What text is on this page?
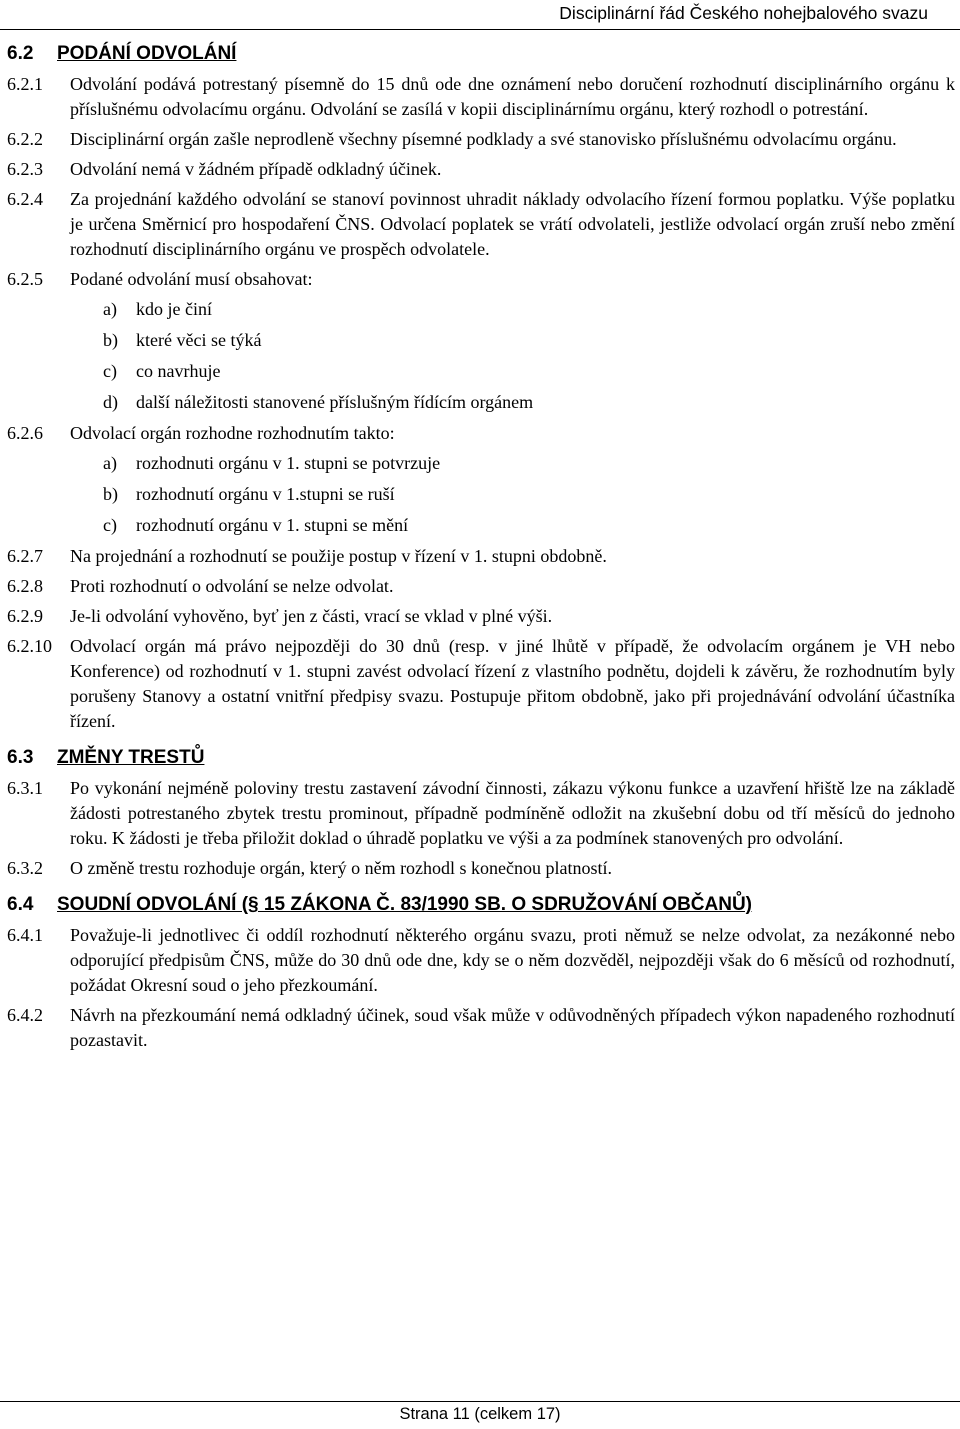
Disciplinární řád Českého nohejbalového svazu
6.2	PODÁNÍ ODVOLÁNÍ
6.2.1	Odvolání podává potrestaný písemně do 15 dnů ode dne oznámení nebo doručení rozhodnutí disciplinárního orgánu k příslušnému odvolacímu orgánu. Odvolání se zasílá v kopii disciplinárnímu orgánu, který rozhodl o potrestání.
6.2.2	Disciplinární orgán zašle neprodleně všechny písemné podklady a své stanovisko příslušnému odvolacímu orgánu.
6.2.3	Odvolání nemá v žádném případě odkladný účinek.
6.2.4	Za projednání každého odvolání se stanoví povinnost uhradit náklady odvolacího řízení formou poplatku. Výše poplatku je určena Směrnicí pro hospodaření ČNS. Odvolací poplatek se vrátí odvolateli, jestliže odvolací orgán zruší nebo změní rozhodnutí disciplinárního orgánu ve prospěch odvolatele.
6.2.5	Podané odvolání musí obsahovat:
a)	kdo je činí
b)	které věci se týká
c)	co navrhuje
d)	další náležitosti stanovené příslušným řídícím orgánem
6.2.6	Odvolací orgán rozhodne rozhodnutím takto:
a)	rozhodnuti orgánu v 1. stupni se potvrzuje
b)	rozhodnutí orgánu v 1.stupni se ruší
c)	rozhodnutí orgánu v 1. stupni se mění
6.2.7	Na projednání a rozhodnutí se použije postup v řízení v 1. stupni obdobně.
6.2.8	Proti rozhodnutí o odvolání se nelze odvolat.
6.2.9	Je-li odvolání vyhověno, byť jen z části, vrací se vklad v plné výši.
6.2.10	Odvolací orgán má právo nejpozději do 30 dnů (resp. v jiné lhůtě v případě, že odvolacím orgánem je VH nebo Konference) od rozhodnutí v 1. stupni zavést odvolací řízení z vlastního podnětu, dojdeli k závěru, že rozhodnutím byly porušeny Stanovy a ostatní vnitřní předpisy svazu. Postupuje přitom obdobně, jako při projednávání odvolání účastníka řízení.
6.3	ZMĚNY TRESTŮ
6.3.1	Po vykonání nejméně poloviny trestu zastavení závodní činnosti, zákazu výkonu funkce a uzavření hřiště lze na základě žádosti potrestaného zbytek trestu prominout, případně podmíněně odložit na zkušební dobu od tří měsíců do jednoho roku. K žádosti je třeba přiložit doklad o úhradě poplatku ve výši a za podmínek stanovených pro odvolání.
6.3.2	O změně trestu rozhoduje orgán, který o něm rozhodl s konečnou platností.
6.4	SOUDNÍ ODVOLÁNÍ (§ 15 ZÁKONA Č. 83/1990 SB. O SDRUŽOVÁNÍ OBČANŮ)
6.4.1	Považuje-li jednotlivec či oddíl rozhodnutí některého orgánu svazu, proti němuž se nelze odvolat, za nezákonné nebo odporující předpisům ČNS, může do 30 dnů ode dne, kdy se o něm dozvěděl, nejpozději však do 6 měsíců od rozhodnutí, požádat Okresní soud o jeho přezkoumání.
6.4.2	Návrh na přezkoumání nemá odkladný účinek, soud však může v odůvodněných případech výkon napadeného rozhodnutí pozastavit.
Strana 11 (celkem 17)
